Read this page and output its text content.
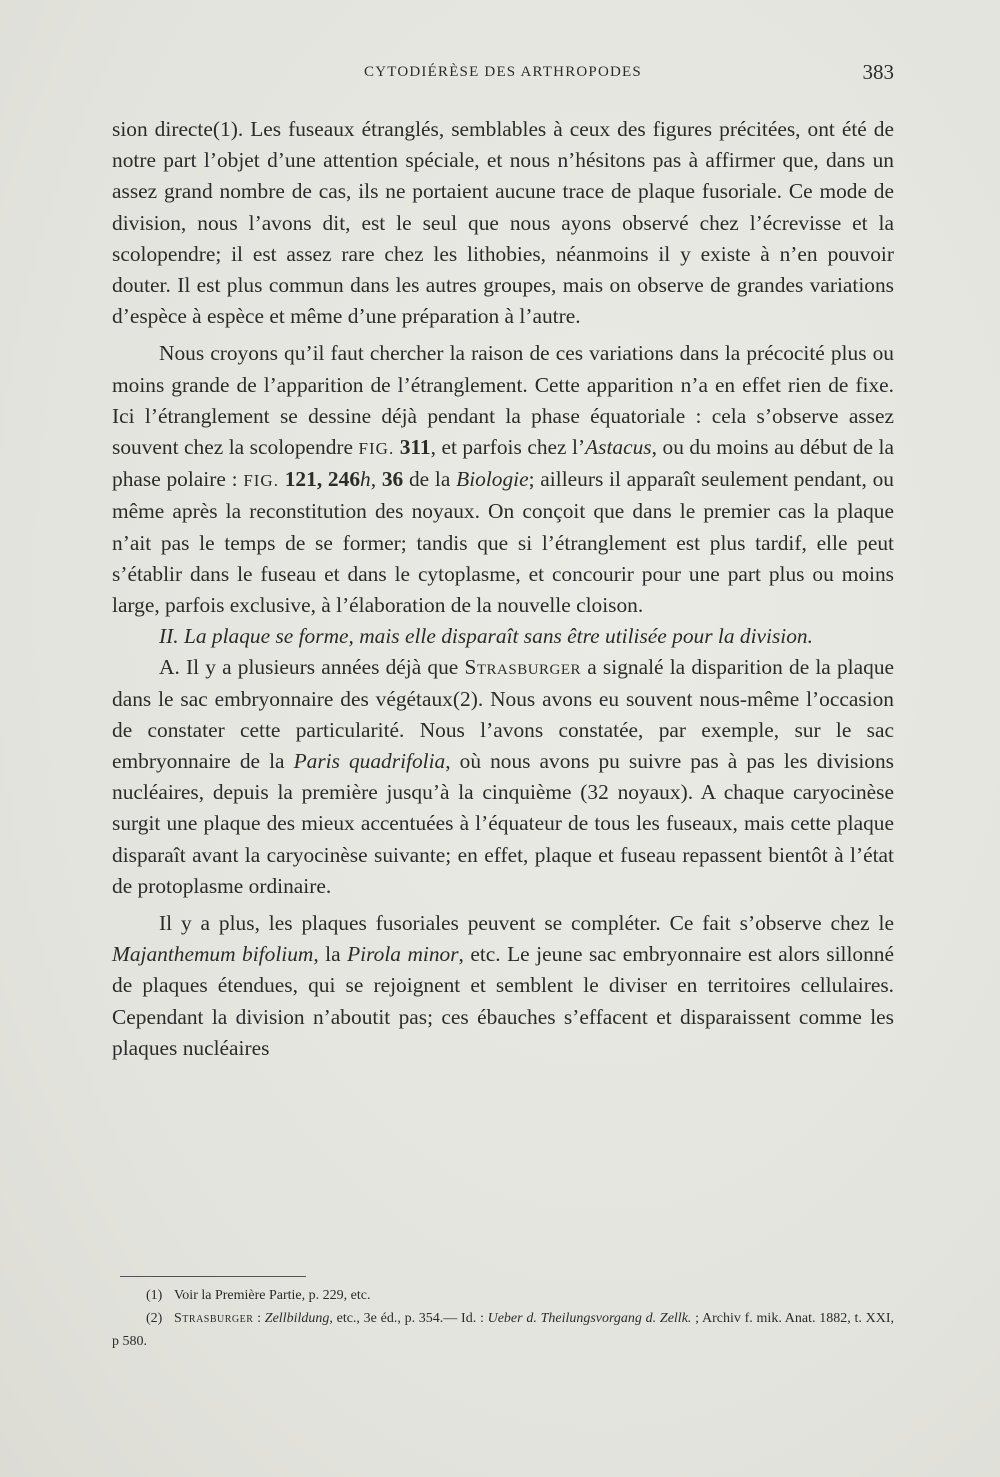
CYTODIÉRÈSE DES ARTHROPODES	383

sion directe(1). Les fuseaux étranglés, semblables à ceux des figures précitées, ont été de notre part l’objet d’une attention spéciale, et nous n’hésitons pas à affirmer que, dans un assez grand nombre de cas, ils ne portaient aucune trace de plaque fusoriale. Ce mode de division, nous l’avons dit, est le seul que nous ayons observé chez l’écrevisse et la scolopendre; il est assez rare chez les lithobies, néanmoins il y existe à n’en pouvoir douter. Il est plus commun dans les autres groupes, mais on observe de grandes variations d’espèce à espèce et même d’une préparation à l’autre.

Nous croyons qu’il faut chercher la raison de ces variations dans la précocité plus ou moins grande de l’apparition de l’étranglement. Cette apparition n’a en effet rien de fixe. Ici l’étranglement se dessine déjà pendant la phase équatoriale : cela s’observe assez souvent chez la scolopendre FIG. 311, et parfois chez l’Astacus, ou du moins au début de la phase polaire : FIG. 121, 246h, 36 de la Biologie; ailleurs il apparaît seulement pendant, ou même après la reconstitution des noyaux. On conçoit que dans le premier cas la plaque n’ait pas le temps de se former; tandis que si l’étranglement est plus tardif, elle peut s’établir dans le fuseau et dans le cytoplasme, et concourir pour une part plus ou moins large, parfois exclusive, à l’élaboration de la nouvelle cloison.

II. La plaque se forme, mais elle disparaît sans être utilisée pour la division.

A. Il y a plusieurs années déjà que Strasburger a signalé la disparition de la plaque dans le sac embryonnaire des végétaux(2). Nous avons eu souvent nous-même l’occasion de constater cette particularité. Nous l’avons constatée, par exemple, sur le sac embryonnaire de la Paris quadrifolia, où nous avons pu suivre pas à pas les divisions nucléaires, depuis la première jusqu’à la cinquième (32 noyaux). A chaque caryocinèse surgit une plaque des mieux accentuées à l’équateur de tous les fuseaux, mais cette plaque disparaît avant la caryocinèse suivante; en effet, plaque et fuseau repassent bientôt à l’état de protoplasme ordinaire.

Il y a plus, les plaques fusoriales peuvent se compléter. Ce fait s’observe chez le Majanthemum bifolium, la Pirola minor, etc. Le jeune sac embryonnaire est alors sillonné de plaques étendues, qui se rejoignent et semblent le diviser en territoires cellulaires. Cependant la division n’aboutit pas; ces ébauches s’effacent et disparaissent comme les plaques nucléaires

(1) Voir la Première Partie, p. 229, etc.

(2) Strasburger : Zellbildung, etc., 3e éd., p. 354.— Id. : Ueber d. Theilungsvorgang d. Zellk. ; Archiv f. mik. Anat. 1882, t. XXI, p 580.
